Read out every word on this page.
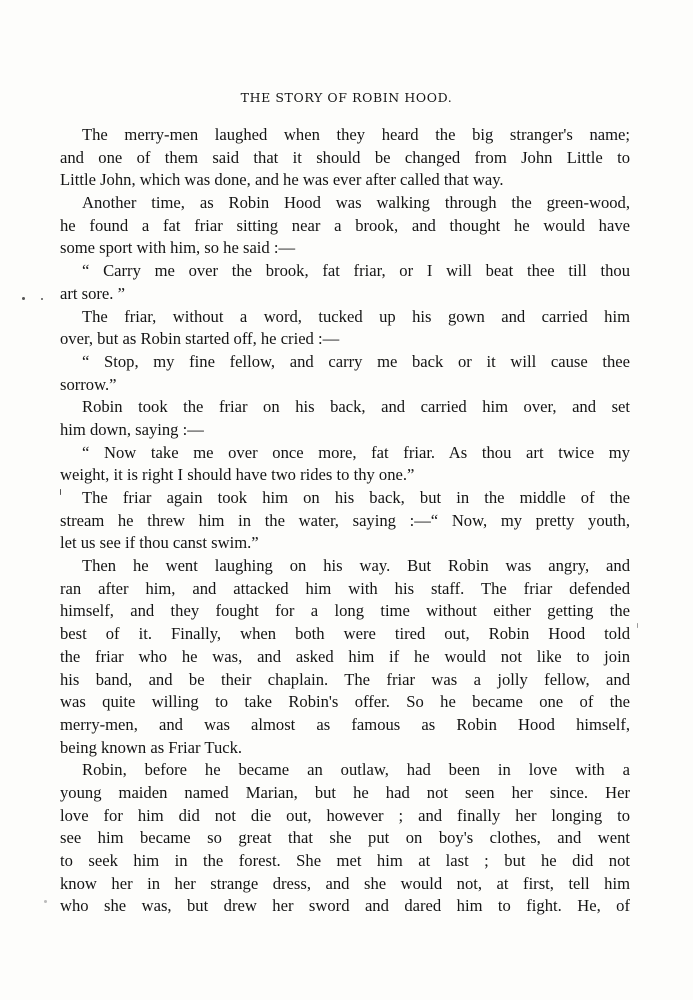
THE STORY OF ROBIN HOOD.
The merry-men laughed when they heard the big stranger's name;
and one of them said that it should be changed from John Little to
Little John, which was done, and he was ever after called that way.
Another time, as Robin Hood was walking through the green-wood,
he found a fat friar sitting near a brook, and thought he would have
some sport with him, so he said :—
“ Carry me over the brook, fat friar, or I will beat thee till thou
art sore. ”
The friar, without a word, tucked up his gown and carried him
over, but as Robin started off, he cried :—
“ Stop, my fine fellow, and carry me back or it will cause thee
sorrow.”
Robin took the friar on his back, and carried him over, and set
him down, saying :—
“ Now take me over once more, fat friar. As thou art twice my
weight, it is right I should have two rides to thy one.”
The friar again took him on his back, but in the middle of the
stream he threw him in the water, saying :—“ Now, my pretty youth,
let us see if thou canst swim.”
Then he went laughing on his way. But Robin was angry, and
ran after him, and attacked him with his staff. The friar defended
himself, and they fought for a long time without either getting the
best of it. Finally, when both were tired out, Robin Hood told
the friar who he was, and asked him if he would not like to join
his band, and be their chaplain. The friar was a jolly fellow, and
was quite willing to take Robin's offer. So he became one of the
merry-men, and was almost as famous as Robin Hood himself,
being known as Friar Tuck.
Robin, before he became an outlaw, had been in love with a
young maiden named Marian, but he had not seen her since. Her
love for him did not die out, however ; and finally her longing to
see him became so great that she put on boy's clothes, and went
to seek him in the forest. She met him at last ; but he did not
know her in her strange dress, and she would not, at first, tell him
who she was, but drew her sword and dared him to fight. He, of
